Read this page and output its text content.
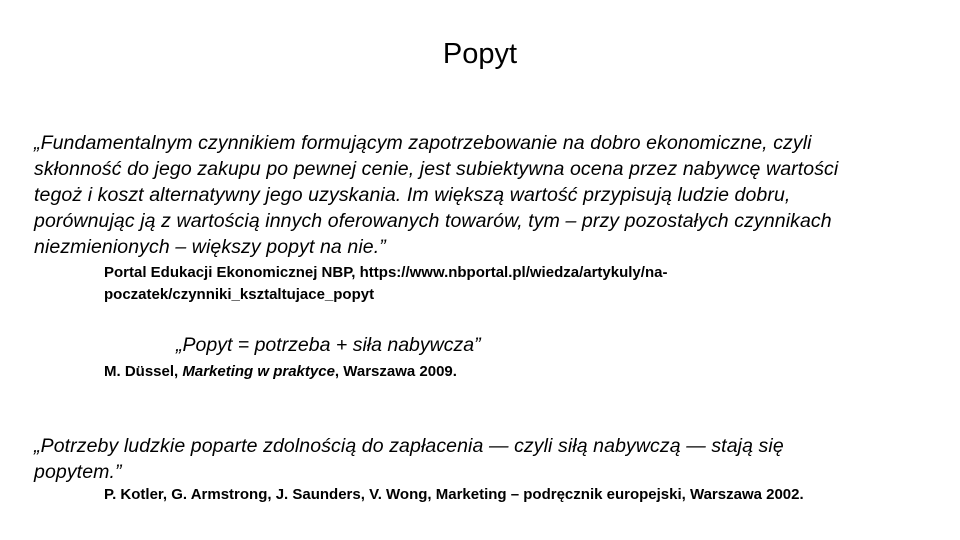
Popyt
„Fundamentalnym czynnikiem formującym zapotrzebowanie na dobro ekonomiczne, czyli
skłonność do jego zakupu po pewnej cenie, jest subiektywna ocena przez nabywcę wartości
tegoż i koszt alternatywny jego uzyskania. Im większą wartość przypisują ludzie dobru,
porównując ją z wartością innych oferowanych towarów, tym – przy pozostałych czynnikach
niezmienionych – większy popyt na nie.”
Portal Edukacji Ekonomicznej NBP, https://www.nbportal.pl/wiedza/artykuly/na-
poczatek/czynniki_ksztaltujace_popyt
„Popyt = potrzeba + siła nabywcza”
M. Düssel, Marketing w praktyce, Warszawa 2009.
„Potrzeby ludzkie poparte zdolnością do zapłacenia — czyli siłą nabywczą — stają się
popytem.”
P. Kotler, G. Armstrong, J. Saunders, V. Wong, Marketing – podręcznik europejski, Warszawa 2002.
